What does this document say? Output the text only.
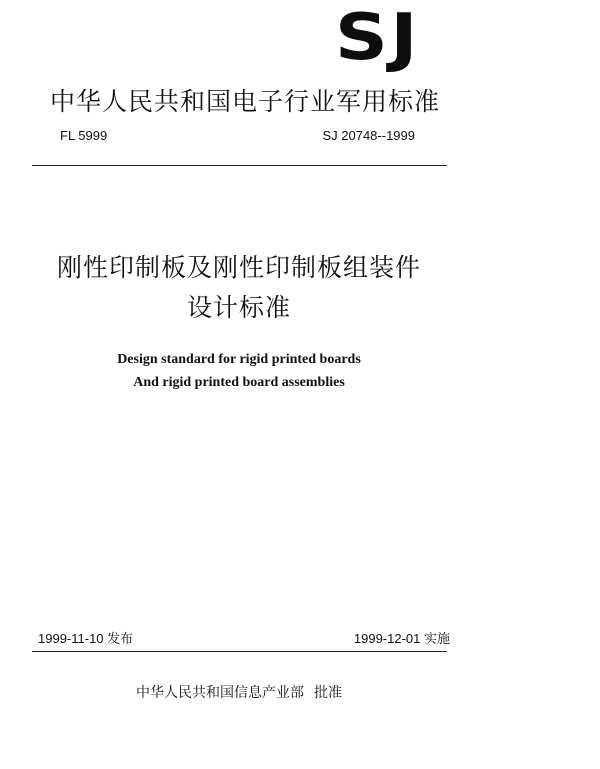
SJ
中华人民共和国电子行业军用标准
FL 5999	SJ 20748--1999
刚性印制板及刚性印制板组装件
设计标准
Design standard for rigid printed boards
And rigid printed board assemblies
1999-11-10 发布	1999-12-01 实施
中华人民共和国信息产业部 批准
